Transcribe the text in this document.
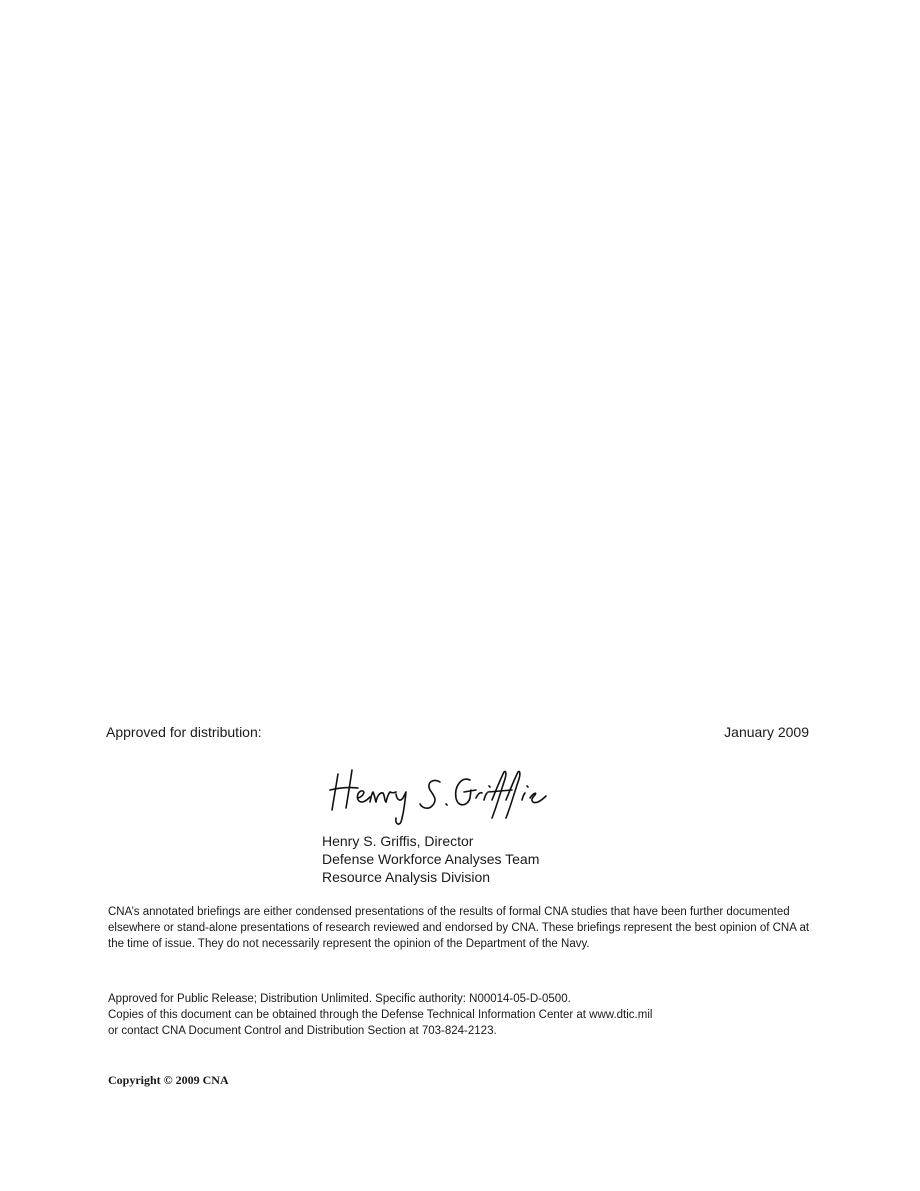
Approved for distribution:	January 2009
Henry S. Griffis, Director
Defense Workforce Analyses Team
Resource Analysis Division

CNA’s annotated briefings are either condensed presentations of the results of formal CNA studies that have been further documented elsewhere or stand-alone presentations of research reviewed and endorsed by CNA. These briefings represent the best opinion of CNA at the time of issue. They do not necessarily represent the opinion of the Department of the Navy.

Approved for Public Release; Distribution Unlimited. Specific authority: N00014-05-D-0500.
Copies of this document can be obtained through the Defense Technical Information Center at www.dtic.mil
or contact CNA Document Control and Distribution Section at 703-824-2123.
Copyright © 2009 CNA
